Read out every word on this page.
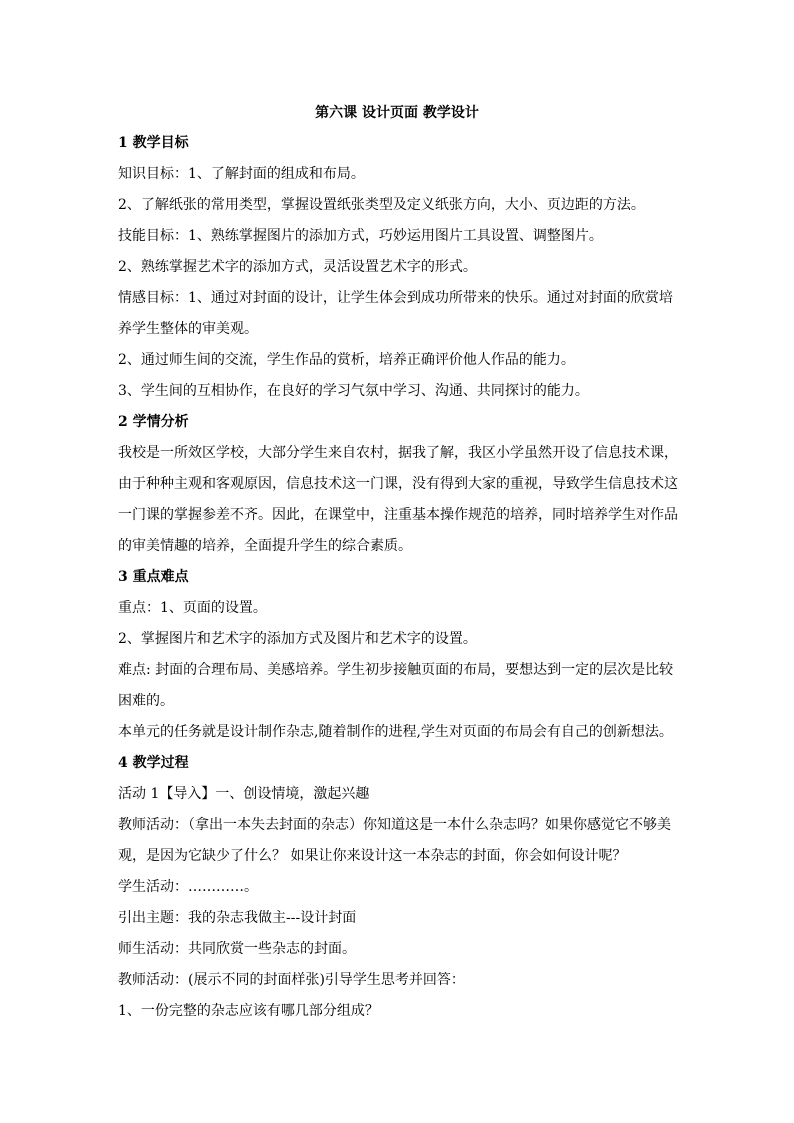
第六课 设计页面 教学设计
1 教学目标
知识目标：1、了解封面的组成和布局。
2、了解纸张的常用类型，掌握设置纸张类型及定义纸张方向，大小、页边距的方法。
技能目标：1、熟练掌握图片的添加方式，巧妙运用图片工具设置、调整图片。
2、熟练掌握艺术字的添加方式，灵活设置艺术字的形式。
情感目标：1、通过对封面的设计，让学生体会到成功所带来的快乐。通过对封面的欣赏培
养学生整体的审美观。
2、通过师生间的交流，学生作品的赏析，培养正确评价他人作品的能力。
3、学生间的互相协作，在良好的学习气氛中学习、沟通、共同探讨的能力。
2 学情分析
我校是一所效区学校，大部分学生来自农村，据我了解，我区小学虽然开设了信息技术课，
由于种种主观和客观原因，信息技术这一门课，没有得到大家的重视，导致学生信息技术这
一门课的掌握参差不齐。因此，在课堂中，注重基本操作规范的培养，同时培养学生对作品
的审美情趣的培养，全面提升学生的综合素质。
3 重点难点
重点：1、页面的设置。
2、掌握图片和艺术字的添加方式及图片和艺术字的设置。
难点: 封面的合理布局、美感培养。学生初步接触页面的布局，要想达到一定的层次是比较
困难的。
本单元的任务就是设计制作杂志,随着制作的进程,学生对页面的布局会有自己的创新想法。
4 教学过程
活动 1【导入】一、创设情境，激起兴趣
教师活动：（拿出一本失去封面的杂志）你知道这是一本什么杂志吗？如果你感觉它不够美
观，是因为它缺少了什么？ 如果让你来设计这一本杂志的封面，你会如何设计呢？
学生活动：…………。
引出主题：我的杂志我做主---设计封面
师生活动：共同欣赏一些杂志的封面。
教师活动：(展示不同的封面样张)引导学生思考并回答：
1、一份完整的杂志应该有哪几部分组成？
